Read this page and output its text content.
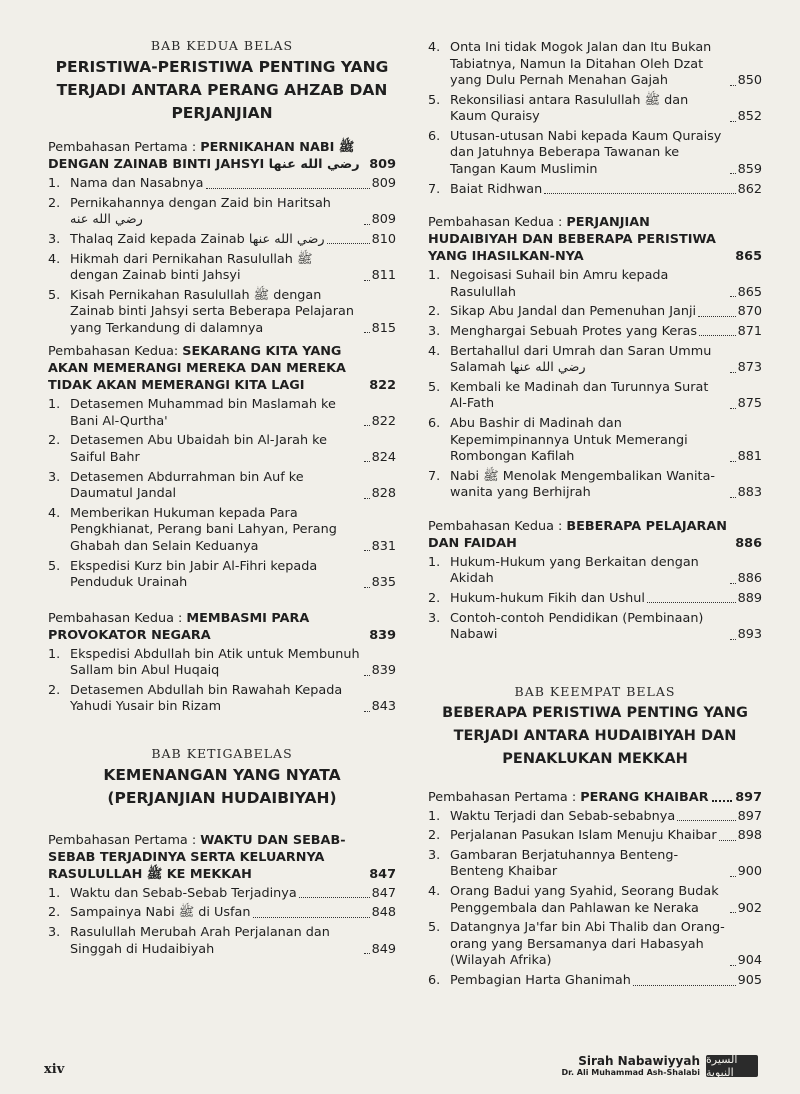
BAB KEDUA BELAS

PERISTIWA-PERISTIWA PENTING YANG TERJADI ANTARA PERANG AHZAB DAN PERJANJIAN
Pembahasan Pertama : PERNIKAHAN NABI ﷺ DENGAN ZAINAB BINTI JAHSYI رضي الله عنها 809
1. Nama dan Nasabnya	809
2. Pernikahannya dengan Zaid bin Haritsah رضي الله عنه	809
3. Thalaq Zaid kepada Zainab رضي الله عنها	810
4. Hikmah dari Pernikahan Rasulullah ﷺ dengan Zainab binti Jahsyi	811
5. Kisah Pernikahan Rasulullah ﷺ dengan Zainab binti Jahsyi serta Beberapa Pelajaran yang Terkandung di dalamnya	815
Pembahasan Kedua: SEKARANG KITA YANG AKAN MEMERANGI MEREKA DAN MEREKA TIDAK AKAN MEMERANGI KITA LAGI	822
1. Detasemen Muhammad bin Maslamah ke Bani Al-Qurtha'	822
2. Detasemen Abu Ubaidah bin Al-Jarah ke Saiful Bahr	824
3. Detasemen Abdurrahman bin Auf ke Daumatul Jandal	828
4. Memberikan Hukuman kepada Para Pengkhianat, Perang bani Lahyan, Perang Ghabah dan Selain Keduanya	831
5. Ekspedisi Kurz bin Jabir Al-Fihri kepada Penduduk Urainah	835
Pembahasan Kedua : MEMBASMI PARA PROVOKATOR NEGARA	839
1. Ekspedisi Abdullah bin Atik untuk Membunuh Sallam bin Abul Huqaiq	839
2. Detasemen Abdullah bin Rawahah Kepada Yahudi Yusair bin Rizam	843

BAB KETIGABELAS

KEMENANGAN YANG NYATA (PERJANJIAN HUDAIBIYAH)
Pembahasan Pertama : WAKTU DAN SEBAB-SEBAB TERJADINYA SERTA KELUARNYA RASULULLAH ﷺ KE MEKKAH	847
1. Waktu dan Sebab-Sebab Terjadinya	847
2. Sampainya Nabi ﷺ di Usfan	848
3. Rasulullah Merubah Arah Perjalanan dan Singgah di Hudaibiyah	849
4. Onta Ini tidak Mogok Jalan dan Itu Bukan Tabiatnya, Namun Ia Ditahan Oleh Dzat yang Dulu Pernah Menahan Gajah	850
5. Rekonsiliasi antara Rasulullah ﷺ dan Kaum Quraisy	852
6. Utusan-utusan Nabi kepada Kaum Quraisy dan Jatuhnya Beberapa Tawanan ke Tangan Kaum Muslimin	859
7. Baiat Ridhwan	862
Pembahasan Kedua : PERJANJIAN HUDAIBIYAH DAN BEBERAPA PERISTIWA YANG IHASILKAN-NYA	865
1. Negoisasi Suhail bin Amru kepada Rasulullah	865
2. Sikap Abu Jandal dan Pemenuhan Janji	870
3. Menghargai Sebuah Protes yang Keras	871
4. Bertahallul dari Umrah dan Saran Ummu Salamah رضي الله عنها	873
5. Kembali ke Madinah dan Turunnya Surat Al-Fath	875
6. Abu Bashir di Madinah dan Kepemimpinannya Untuk Memerangi Rombongan Kafilah	881
7. Nabi ﷺ Menolak Mengembalikan Wanita-wanita yang Berhijrah	883
Pembahasan Kedua : BEBERAPA PELAJARAN DAN FAIDAH	886
1. Hukum-Hukum yang Berkaitan dengan Akidah	886
2. Hukum-hukum Fikih dan Ushul	889
3. Contoh-contoh Pendidikan (Pembinaan) Nabawi	893

BAB KEEMPAT BELAS

BEBERAPA PERISTIWA PENTING YANG TERJADI ANTARA HUDAIBIYAH DAN PENAKLUKAN MEKKAH
Pembahasan Pertama : PERANG KHAIBAR 897
1. Waktu Terjadi dan Sebab-sebabnya	897
2. Perjalanan Pasukan Islam Menuju Khaibar 898
3. Gambaran Berjatuhannya Benteng-Benteng Khaibar	900
4. Orang Badui yang Syahid, Seorang Budak Penggembala dan Pahlawan ke Neraka	902
5. Datangnya Ja'far bin Abi Thalib dan Orang-orang yang Bersamanya dari Habasyah (Wilayah Afrika)	904
6. Pembagian Harta Ghanimah	905
xiv
Sirah Nabawiyyah
Dr. Ali Muhammad Ash-Shalabi
السيرة النبوية
